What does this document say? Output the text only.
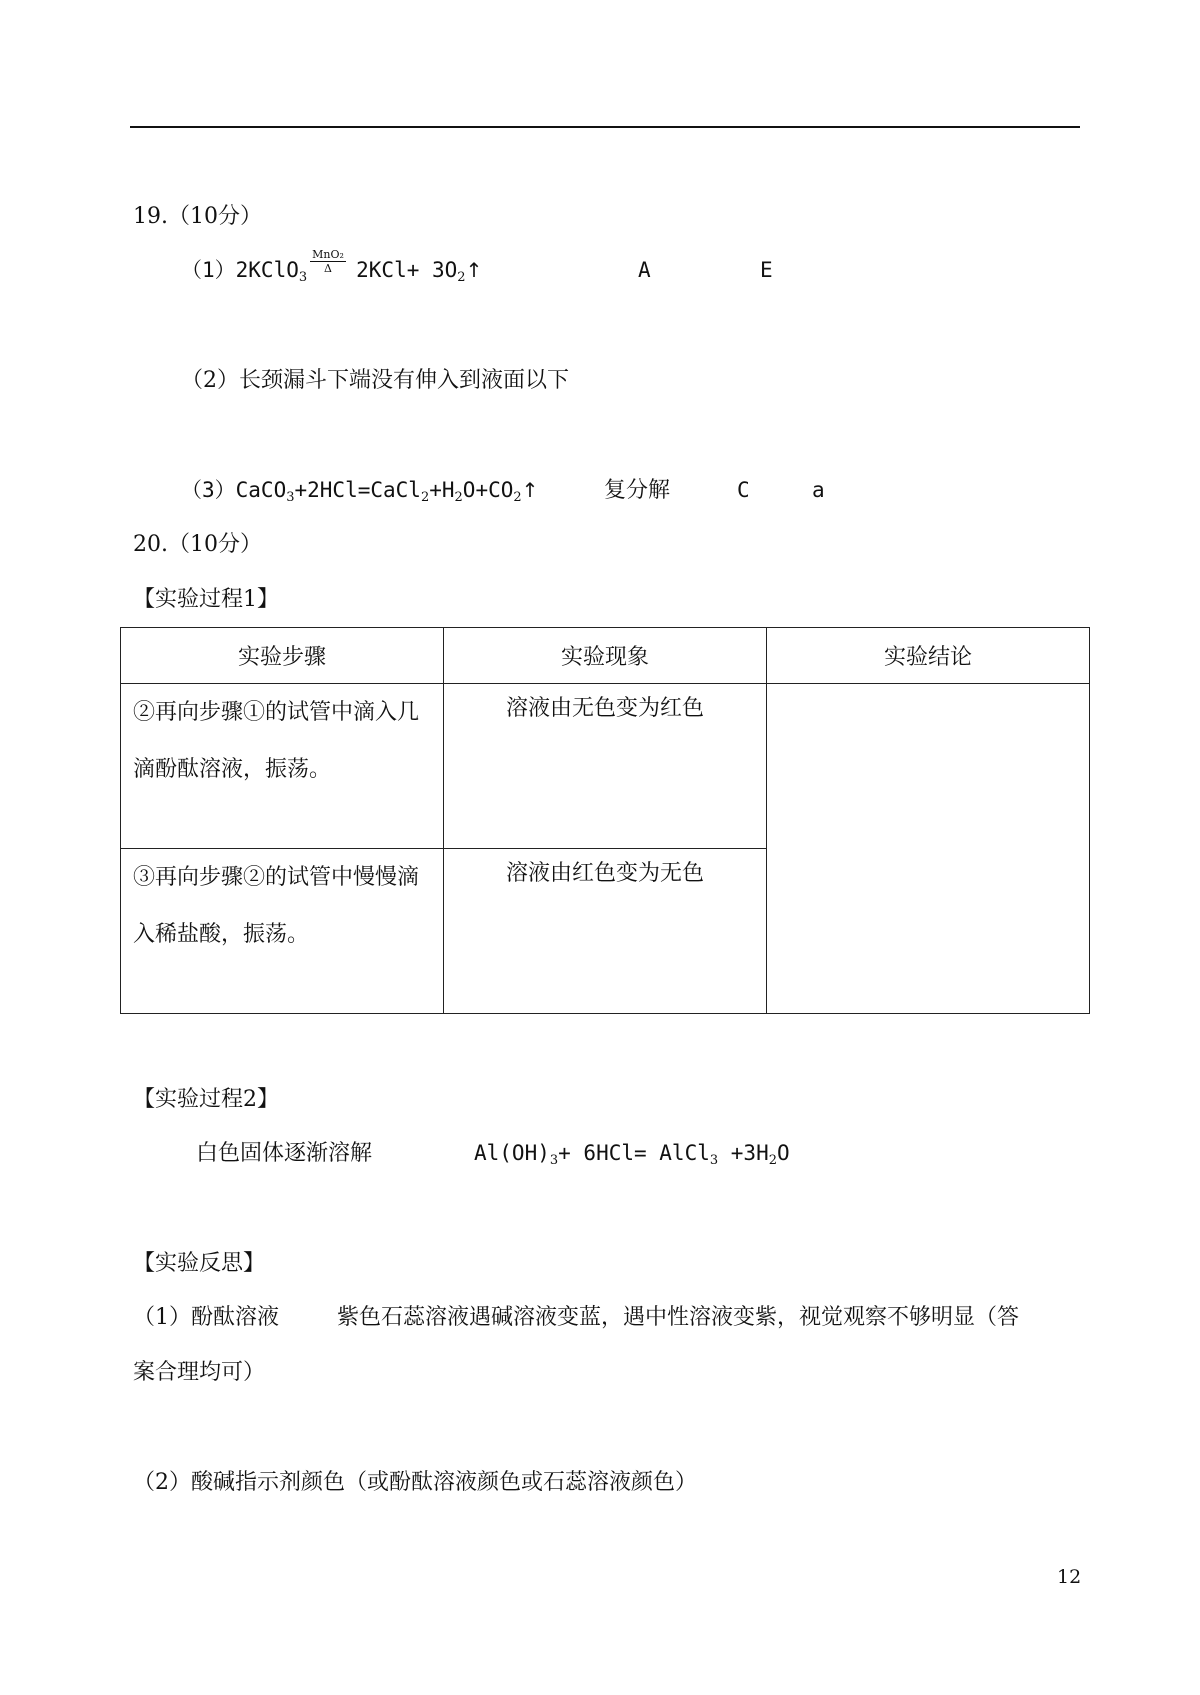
19.（10分）
（1）2KClO$_3$ $2KCl+ 3O_2↑$
MnO₂
Δ	A	E
（2）长颈漏斗下端没有伸入到液面以下
$(3)CaCO_3+2HCl=CaCl_2+H_2O+CO_2↑$	复分解	C	a
20.（10分）
【实验过程1】
实验步骤	实验现象	实验结论

②再向步骤①的试管中滴入几滴酚酞溶液，振荡。	溶液由无色变为红色	

③再向步骤②的试管中慢慢滴入稀盐酸，振荡。	溶液由红色变为无色	
【实验过程2】
白色固体逐渐溶解	$Al(OH)_3+ 6HCl=$ AlCl$_3$ $+3H_2O$
【实验反思】
（1）酚酞溶液	紫色石蕊溶液遇碱溶液变蓝，遇中性溶液变紫，视觉观察不够明显（答
案合理均可）
（2）酸碱指示剂颜色（或酚酞溶液颜色或石蕊溶液颜色）
12
